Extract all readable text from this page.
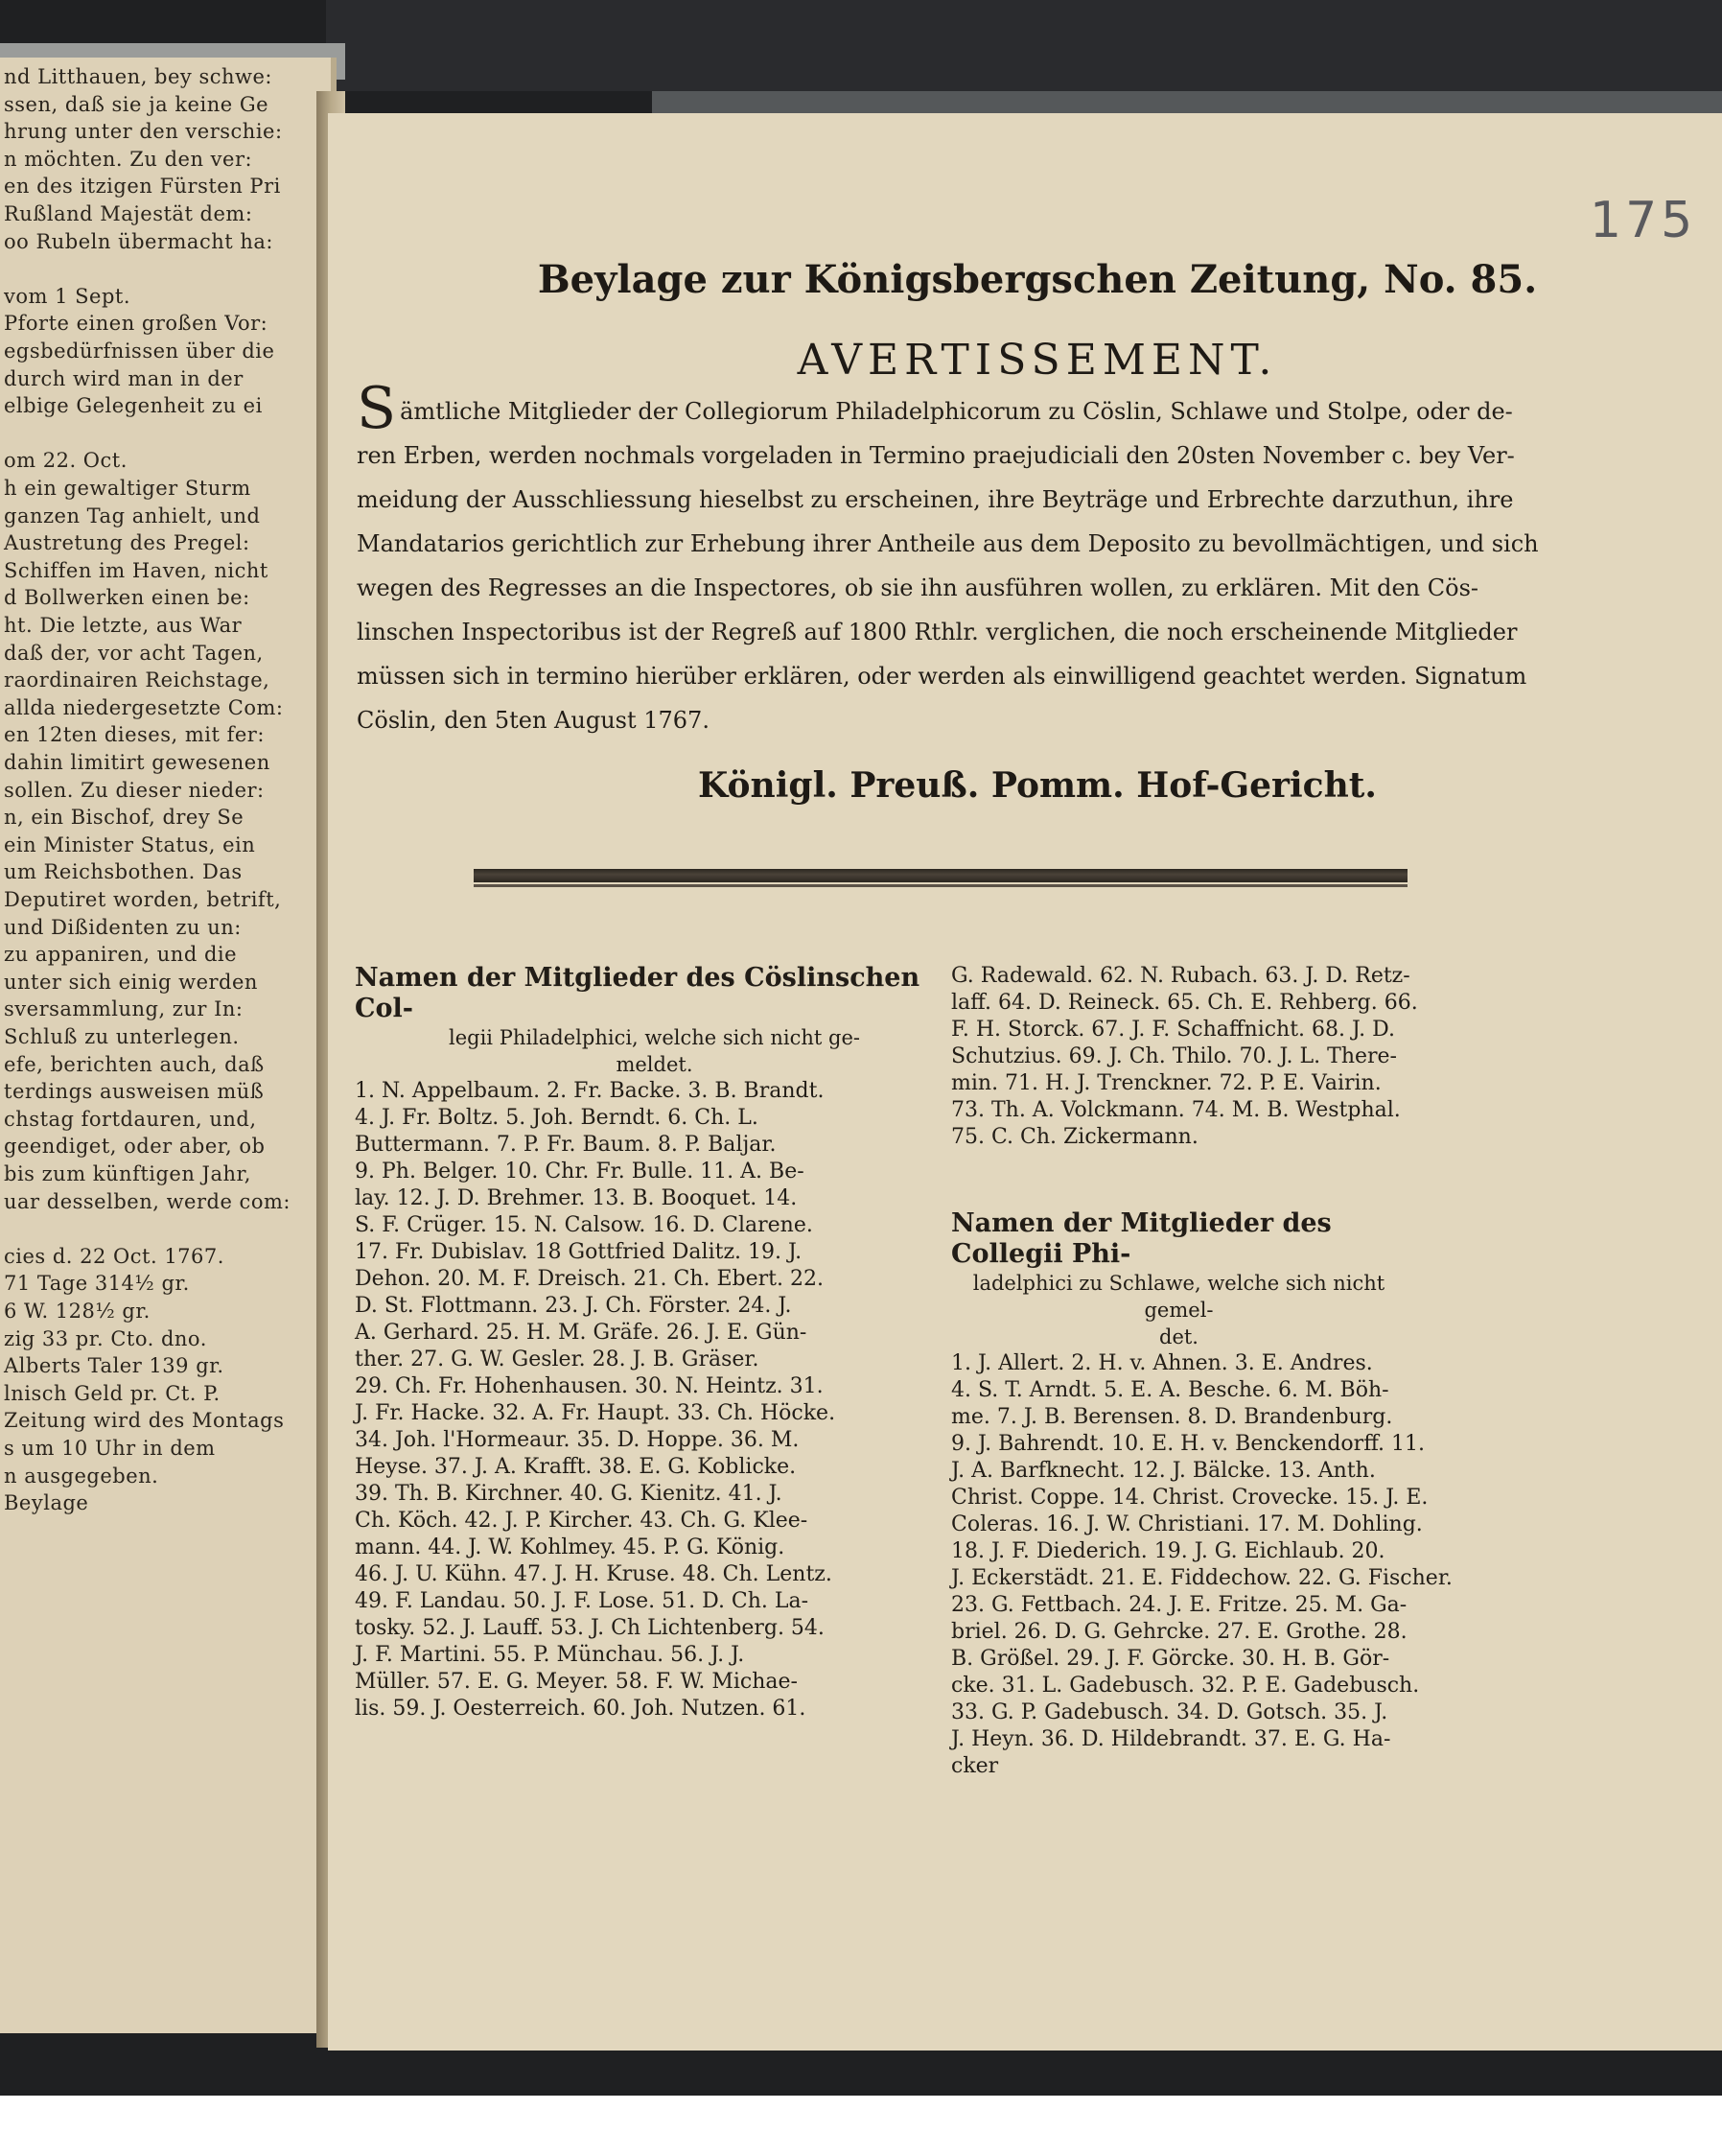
nd Litthauen, bey schwe:
ssen, daß sie ja keine Ge
hrung unter den verschie:
n möchten. Zu den ver:
en des itzigen Fürsten Pri
Rußland Majestät dem:
oo Rubeln übermacht ha:
vom 1 Sept.
Pforte einen großen Vor:
egsbedürfnissen über die
durch wird man in der
elbige Gelegenheit zu ei
om 22. Oct.
h ein gewaltiger Sturm
ganzen Tag anhielt, und
Austretung des Pregel:
Schiffen im Haven, nicht
d Bollwerken einen be:
ht. Die letzte, aus War
daß der, vor acht Tagen,
raordinairen Reichstage,
allda niedergesetzte Com:
en 12ten dieses, mit fer:
dahin limitirt gewesenen
sollen. Zu dieser nieder:
n, ein Bischof, drey Se
ein Minister Status, ein
um Reichsbothen. Das
Deputiret worden, betrift,
und Dißidenten zu un:
zu appaniren, und die
unter sich einig werden
sversammlung, zur In:
Schluß zu unterlegen.
efe, berichten auch, daß
terdings ausweisen müß
chstag fortdauren, und,
geendiget, oder aber, ob
bis zum künftigen Jahr,
uar desselben, werde com:
cies d. 22 Oct. 1767.
71 Tage 314½ gr.
6 W. 128½ gr.
zig 33 pr. Cto. dno.
Alberts Taler 139 gr.
lnisch Geld pr. Ct. P.
Zeitung wird des Montags
s um 10 Uhr in dem
n ausgegeben.
Beylage
Beylage zur Königsbergschen Zeitung, No. 85.
AVERTISSEMENT.
S ämtliche Mitglieder der Collegiorum Philadelphicorum zu Cöslin, Schlawe und Stolpe, oder de-
ren Erben, werden nochmals vorgeladen in Termino praejudiciali den 20sten November c. bey Ver-
meidung der Ausschliessung hieselbst zu erscheinen, ihre Beyträge und Erbrechte darzuthun, ihre
Mandatarios gerichtlich zur Erhebung ihrer Antheile aus dem Deposito zu bevollmächtigen, und sich
wegen des Regresses an die Inspectores, ob sie ihn ausführen wollen, zu erklären. Mit den Cös-
linschen Inspectoribus ist der Regreß auf 1800 Rthlr. verglichen, die noch erscheinende Mitglieder
müssen sich in termino hierüber erklären, oder werden als einwilligend geachtet werden. Signatum
Cöslin, den 5ten August 1767.
Königl. Preuß. Pomm. Hof-Gericht.
Namen der Mitglieder des Cöslinschen Col-
legii Philadelphici, welche sich nicht ge-
meldet.
1. N. Appelbaum. 2. Fr. Backe. 3. B. Brandt.
4. J. Fr. Boltz. 5. Joh. Berndt. 6. Ch. L.
Buttermann. 7. P. Fr. Baum. 8. P. Baljar.
9. Ph. Belger. 10. Chr. Fr. Bulle. 11. A. Be-
lay. 12. J. D. Brehmer. 13. B. Booquet. 14.
S. F. Crüger. 15. N. Calsow. 16. D. Clarene.
17. Fr. Dubislav. 18 Gottfried Dalitz. 19. J.
Dehon. 20. M. F. Dreisch. 21. Ch. Ebert. 22.
D. St. Flottmann. 23. J. Ch. Förster. 24. J.
A. Gerhard. 25. H. M. Gräfe. 26. J. E. Gün-
ther. 27. G. W. Gesler. 28. J. B. Gräser.
29. Ch. Fr. Hohenhausen. 30. N. Heintz. 31.
J. Fr. Hacke. 32. A. Fr. Haupt. 33. Ch. Höcke.
34. Joh. l'Hormeaur. 35. D. Hoppe. 36. M.
Heyse. 37. J. A. Krafft. 38. E. G. Koblicke.
39. Th. B. Kirchner. 40. G. Kienitz. 41. J.
Ch. Köch. 42. J. P. Kircher. 43. Ch. G. Klee-
mann. 44. J. W. Kohlmey. 45. P. G. König.
46. J. U. Kühn. 47. J. H. Kruse. 48. Ch. Lentz.
49. F. Landau. 50. J. F. Lose. 51. D. Ch. La-
tosky. 52. J. Lauff. 53. J. Ch Lichtenberg. 54.
J. F. Martini. 55. P. Münchau. 56. J. J.
Müller. 57. E. G. Meyer. 58. F. W. Michae-
lis. 59. J. Oesterreich. 60. Joh. Nutzen. 61.
G. Radewald. 62. N. Rubach. 63. J. D. Retz-
laff. 64. D. Reineck. 65. Ch. E. Rehberg. 66.
F. H. Storck. 67. J. F. Schaffnicht. 68. J. D.
Schutzius. 69. J. Ch. Thilo. 70. J. L. There-
min. 71. H. J. Trenckner. 72. P. E. Vairin.
73. Th. A. Volckmann. 74. M. B. Westphal.
75. C. Ch. Zickermann.
Namen der Mitglieder des Collegii Phi-
ladelphici zu Schlawe, welche sich nicht gemel-
det.
1. J. Allert. 2. H. v. Ahnen. 3. E. Andres.
4. S. T. Arndt. 5. E. A. Besche. 6. M. Böh-
me. 7. J. B. Berensen. 8. D. Brandenburg.
9. J. Bahrendt. 10. E. H. v. Benckendorff. 11.
J. A. Barfknecht. 12. J. Bälcke. 13. Anth.
Christ. Coppe. 14. Christ. Crovecke. 15. J. E.
Coleras. 16. J. W. Christiani. 17. M. Dohling.
18. J. F. Diederich. 19. J. G. Eichlaub. 20.
J. Eckerstädt. 21. E. Fiddechow. 22. G. Fischer.
23. G. Fettbach. 24. J. E. Fritze. 25. M. Ga-
briel. 26. D. G. Gehrcke. 27. E. Grothe. 28.
B. Größel. 29. J. F. Görcke. 30. H. B. Gör-
cke. 31. L. Gadebusch. 32. P. E. Gadebusch.
33. G. P. Gadebusch. 34. D. Gotsch. 35. J.
J. Heyn. 36. D. Hildebrandt. 37. E. G. Ha-
cker
175
